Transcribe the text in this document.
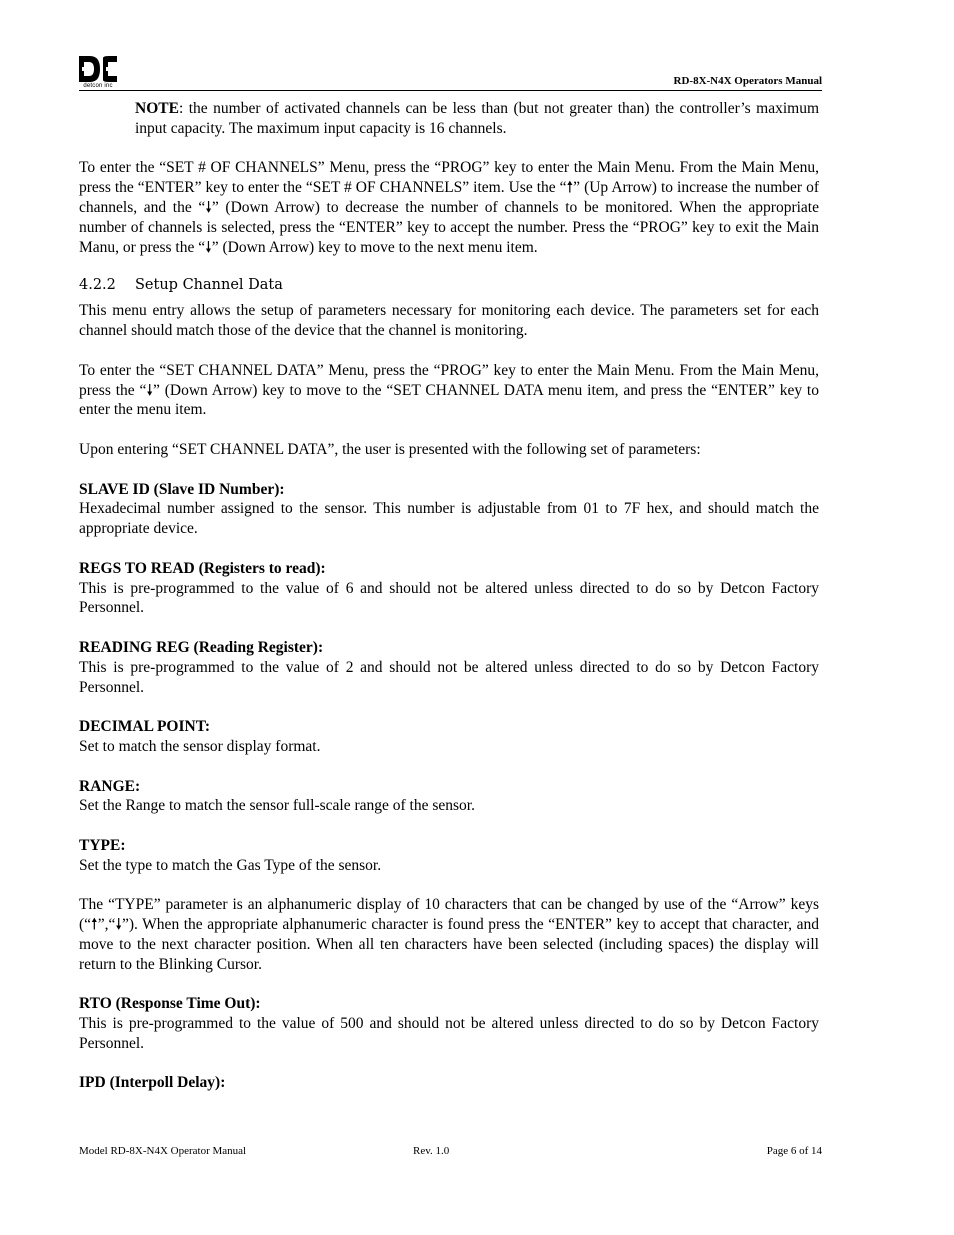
detcon inc	RD-8X-N4X Operators Manual

NOTE: the number of activated channels can be less than (but not greater than) the controller’s maximum input capacity. The maximum input capacity is 16 channels.

To enter the “SET # OF CHANNELS” Menu, press the “PROG” key to enter the Main Menu. From the Main Menu, press the “ENTER” key to enter the “SET # OF CHANNELS” item. Use the “🠕” (Up Arrow) to increase the number of channels, and the “🠗” (Down Arrow) to decrease the number of channels to be monitored. When the appropriate number of channels is selected, press the “ENTER” key to accept the number. Press the “PROG” key to exit the Main Manu, or press the “🠗” (Down Arrow) key to move to the next menu item.

4.2.2 Setup Channel Data

This menu entry allows the setup of parameters necessary for monitoring each device. The parameters set for each channel should match those of the device that the channel is monitoring.

To enter the “SET CHANNEL DATA” Menu, press the “PROG” key to enter the Main Menu. From the Main Menu, press the “🠗” (Down Arrow) key to move to the “SET CHANNEL DATA menu item, and press the “ENTER” key to enter the menu item.

Upon entering “SET CHANNEL DATA”, the user is presented with the following set of parameters:

SLAVE ID (Slave ID Number):

Hexadecimal number assigned to the sensor. This number is adjustable from 01 to 7F hex, and should match the appropriate device.

REGS TO READ (Registers to read):

This is pre-programmed to the value of 6 and should not be altered unless directed to do so by Detcon Factory Personnel.

READING REG (Reading Register):

This is pre-programmed to the value of 2 and should not be altered unless directed to do so by Detcon Factory Personnel.

DECIMAL POINT:

Set to match the sensor display format.

RANGE:

Set the Range to match the sensor full-scale range of the sensor.

TYPE:

Set the type to match the Gas Type of the sensor.

The “TYPE” parameter is an alphanumeric display of 10 characters that can be changed by use of the “Arrow” keys (“🠕”,“🠗”). When the appropriate alphanumeric character is found press the “ENTER” key to accept that character, and move to the next character position. When all ten characters have been selected (including spaces) the display will return to the Blinking Cursor.

RTO (Response Time Out):

This is pre-programmed to the value of 500 and should not be altered unless directed to do so by Detcon Factory Personnel.

IPD (Interpoll Delay):

Model RD-8X-N4X Operator Manual	Rev. 1.0	Page 6 of 14
